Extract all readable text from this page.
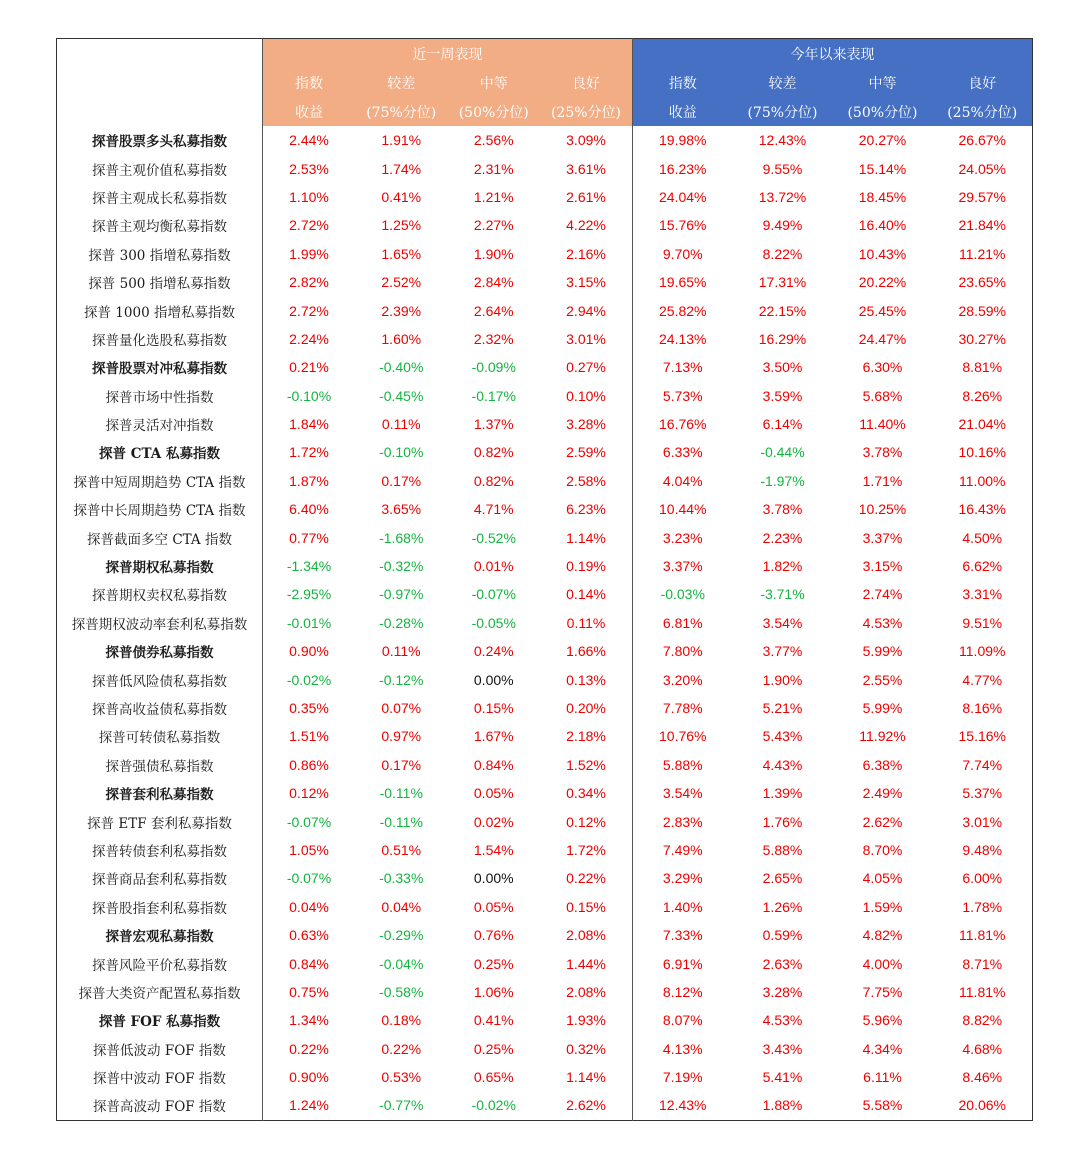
	近一周表现				今年以来表现			
	指数	较差	中等	良好	指数	较差	中等	良好
	收益	(75%分位)	(50%分位)	(25%分位)	收益	(75%分位)	(50%分位)	(25%分位)
探普股票多头私募指数	2.44%	1.91%	2.56%	3.09%	19.98%	12.43%	20.27%	26.67%
探普主观价值私募指数	2.53%	1.74%	2.31%	3.61%	16.23%	9.55%	15.14%	24.05%
探普主观成长私募指数	1.10%	0.41%	1.21%	2.61%	24.04%	13.72%	18.45%	29.57%
探普主观均衡私募指数	2.72%	1.25%	2.27%	4.22%	15.76%	9.49%	16.40%	21.84%
探普 300 指增私募指数	1.99%	1.65%	1.90%	2.16%	9.70%	8.22%	10.43%	11.21%
探普 500 指增私募指数	2.82%	2.52%	2.84%	3.15%	19.65%	17.31%	20.22%	23.65%
探普 1000 指增私募指数	2.72%	2.39%	2.64%	2.94%	25.82%	22.15%	25.45%	28.59%
探普量化选股私募指数	2.24%	1.60%	2.32%	3.01%	24.13%	16.29%	24.47%	30.27%
探普股票对冲私募指数	0.21%	-0.40%	-0.09%	0.27%	7.13%	3.50%	6.30%	8.81%
探普市场中性指数	-0.10%	-0.45%	-0.17%	0.10%	5.73%	3.59%	5.68%	8.26%
探普灵活对冲指数	1.84%	0.11%	1.37%	3.28%	16.76%	6.14%	11.40%	21.04%
探普 CTA 私募指数	1.72%	-0.10%	0.82%	2.59%	6.33%	-0.44%	3.78%	10.16%
探普中短周期趋势 CTA 指数	1.87%	0.17%	0.82%	2.58%	4.04%	-1.97%	1.71%	11.00%
探普中长周期趋势 CTA 指数	6.40%	3.65%	4.71%	6.23%	10.44%	3.78%	10.25%	16.43%
探普截面多空 CTA 指数	0.77%	-1.68%	-0.52%	1.14%	3.23%	2.23%	3.37%	4.50%
探普期权私募指数	-1.34%	-0.32%	0.01%	0.19%	3.37%	1.82%	3.15%	6.62%
探普期权卖权私募指数	-2.95%	-0.97%	-0.07%	0.14%	-0.03%	-3.71%	2.74%	3.31%
探普期权波动率套利私募指数	-0.01%	-0.28%	-0.05%	0.11%	6.81%	3.54%	4.53%	9.51%
探普债券私募指数	0.90%	0.11%	0.24%	1.66%	7.80%	3.77%	5.99%	11.09%
探普低风险债私募指数	-0.02%	-0.12%	0.00%	0.13%	3.20%	1.90%	2.55%	4.77%
探普高收益债私募指数	0.35%	0.07%	0.15%	0.20%	7.78%	5.21%	5.99%	8.16%
探普可转债私募指数	1.51%	0.97%	1.67%	2.18%	10.76%	5.43%	11.92%	15.16%
探普强债私募指数	0.86%	0.17%	0.84%	1.52%	5.88%	4.43%	6.38%	7.74%
探普套利私募指数	0.12%	-0.11%	0.05%	0.34%	3.54%	1.39%	2.49%	5.37%
探普 ETF 套利私募指数	-0.07%	-0.11%	0.02%	0.12%	2.83%	1.76%	2.62%	3.01%
探普转债套利私募指数	1.05%	0.51%	1.54%	1.72%	7.49%	5.88%	8.70%	9.48%
探普商品套利私募指数	-0.07%	-0.33%	0.00%	0.22%	3.29%	2.65%	4.05%	6.00%
探普股指套利私募指数	0.04%	0.04%	0.05%	0.15%	1.40%	1.26%	1.59%	1.78%
探普宏观私募指数	0.63%	-0.29%	0.76%	2.08%	7.33%	0.59%	4.82%	11.81%
探普风险平价私募指数	0.84%	-0.04%	0.25%	1.44%	6.91%	2.63%	4.00%	8.71%
探普大类资产配置私募指数	0.75%	-0.58%	1.06%	2.08%	8.12%	3.28%	7.75%	11.81%
探普 FOF 私募指数	1.34%	0.18%	0.41%	1.93%	8.07%	4.53%	5.96%	8.82%
探普低波动 FOF 指数	0.22%	0.22%	0.25%	0.32%	4.13%	3.43%	4.34%	4.68%
探普中波动 FOF 指数	0.90%	0.53%	0.65%	1.14%	7.19%	5.41%	6.11%	8.46%
探普高波动 FOF 指数	1.24%	-0.77%	-0.02%	2.62%	12.43%	1.88%	5.58%	20.06%
